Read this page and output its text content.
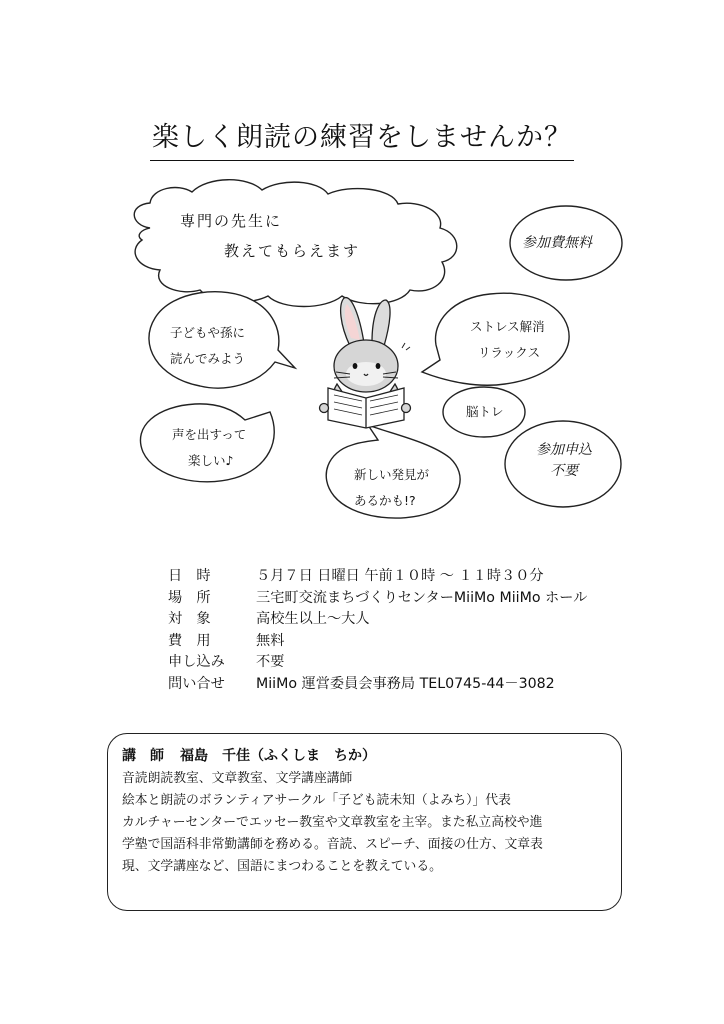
楽しく朗読の練習をしませんか？
専門の先生に
教えてもらえます	参加費無料
子どもや孫に
読んでみよう
ストレス解消
リラックス
脳トレ
声を出すって
楽しい♪
新しい発見が
あるかも!?
参加申込
不要
日　時	５月７日 日曜日 午前１０時 ～ １１時３０分
場　所	三宅町交流まちづくりセンターMiiMo MiiMo ホール
対　象	高校生以上～大人
費　用	無料
申し込み 不要
問い合せ MiiMo 運営委員会事務局 TEL0745-44－3082
講　師 福島　千佳（ふくしま　ちか）

音読朗読教室、文章教室、文学講座講師

絵本と朗読のボランティアサークル「子ども読未知（よみち）」代表

カルチャーセンターでエッセー教室や文章教室を主宰。また私立高校や進

学塾で国語科非常勤講師を務める。音読、スピーチ、面接の仕方、文章表

現、文学講座など、国語にまつわることを教えている。
